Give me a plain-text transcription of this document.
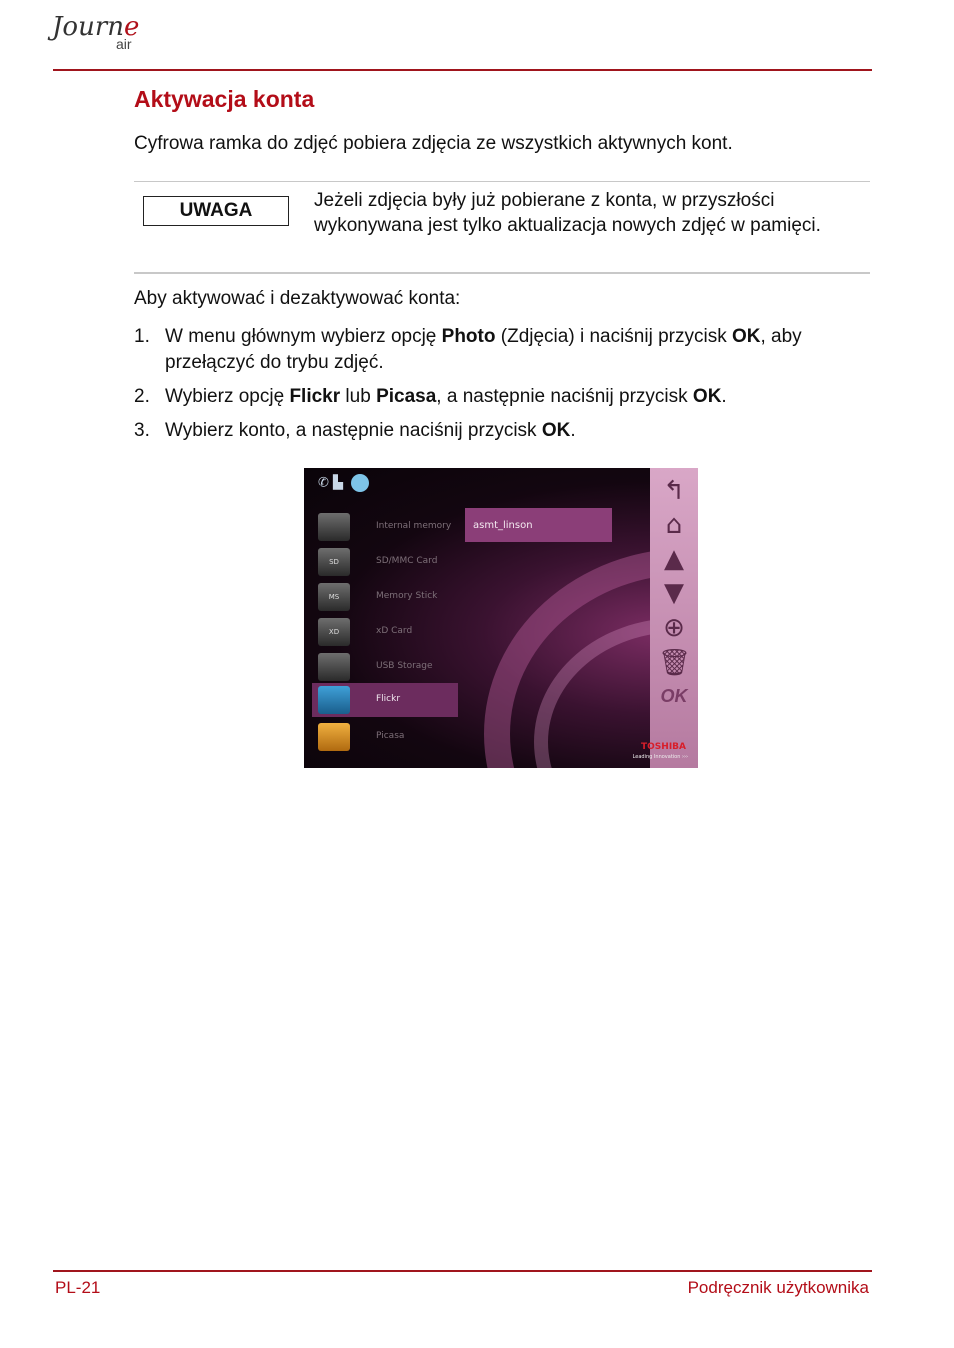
Journe
air
Aktywacja konta
Cyfrowa ramka do zdjęć pobiera zdjęcia ze wszystkich aktywnych kont.
UWAGA	Jeżeli zdjęcia były już pobierane z konta, w przyszłości wykonywana jest tylko aktualizacja nowych zdjęć w pamięci.
Aby aktywować i dezaktywować konta:
1. W menu głównym wybierz opcję Photo (Zdjęcia) i naciśnij przycisk OK, aby przełączyć do trybu zdjęć.
2. Wybierz opcję Flickr lub Picasa, a następnie naciśnij przycisk OK.
3. Wybierz konto, a następnie naciśnij przycisk OK.
✆ ▙
Internal memory
SD	SD/MMC Card
MS	Memory Stick
XD	xD Card
USB Storage
Flickr
Picasa
asmt_linson
↰
⌂
▲
▼
⊕
🗑
OK
TOSHIBA
Leading Innovation ›››
PL-21	Podręcznik użytkownika
